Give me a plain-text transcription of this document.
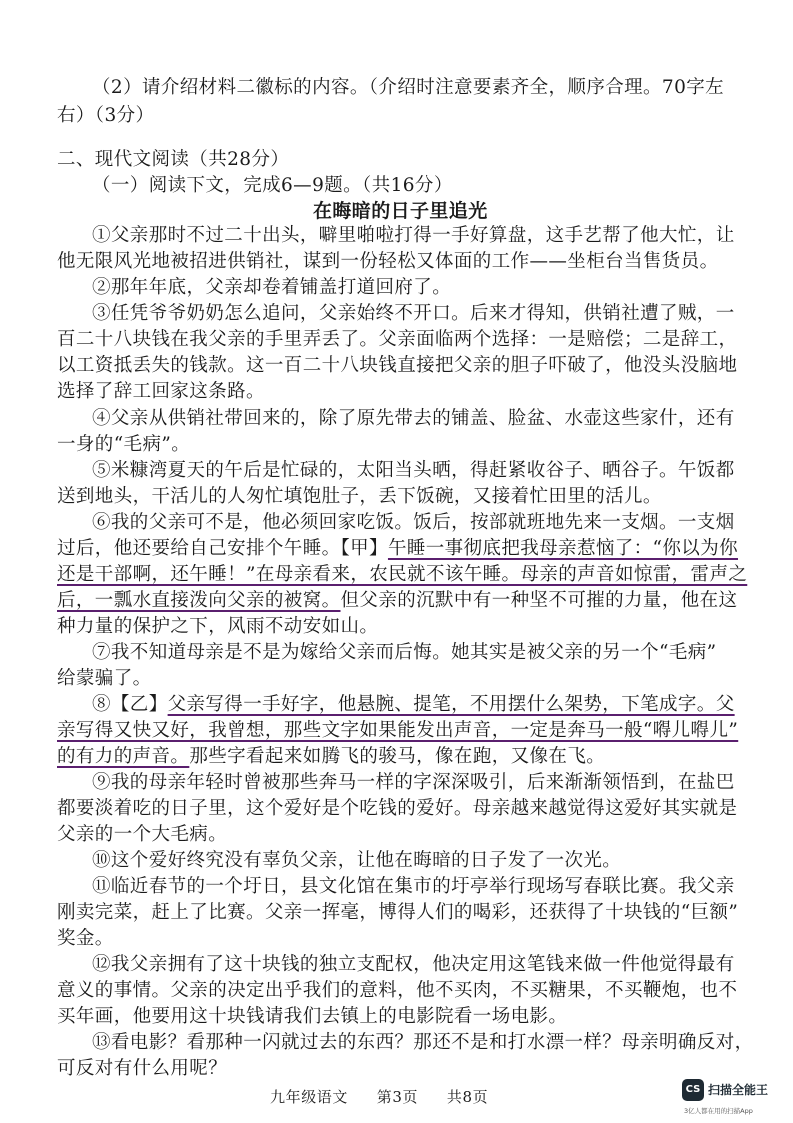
（2）请介绍材料二徽标的内容。（介绍时注意要素齐全，顺序合理。70字左
右）（3分）
二、现代文阅读（共28分）
（一）阅读下文，完成6—9题。（共16分）
在晦暗的日子里追光
①父亲那时不过二十出头，噼里啪啦打得一手好算盘，这手艺帮了他大忙，让
他无限风光地被招进供销社，谋到一份轻松又体面的工作——坐柜台当售货员。
②那年年底，父亲却卷着铺盖打道回府了。
③任凭爷爷奶奶怎么追问，父亲始终不开口。后来才得知，供销社遭了贼，一
百二十八块钱在我父亲的手里弄丢了。父亲面临两个选择：一是赔偿；二是辞工，
以工资抵丢失的钱款。这一百二十八块钱直接把父亲的胆子吓破了，他没头没脑地
选择了辞工回家这条路。
④父亲从供销社带回来的，除了原先带去的铺盖、脸盆、水壶这些家什，还有
一身的“毛病”。
⑤米糠湾夏天的午后是忙碌的，太阳当头晒，得赶紧收谷子、晒谷子。午饭都
送到地头，干活儿的人匆忙填饱肚子，丢下饭碗，又接着忙田里的活儿。
⑥我的父亲可不是，他必须回家吃饭。饭后，按部就班地先来一支烟。一支烟
过后，他还要给自己安排个午睡。【甲】午睡一事彻底把我母亲惹恼了：“你以为你
还是干部啊，还午睡！”在母亲看来，农民就不该午睡。母亲的声音如惊雷，雷声之
后，一瓢水直接泼向父亲的被窝。但父亲的沉默中有一种坚不可摧的力量，他在这
种力量的保护之下，风雨不动安如山。
⑦我不知道母亲是不是为嫁给父亲而后悔。她其实是被父亲的另一个“毛病”
给蒙骗了。
⑧【乙】父亲写得一手好字，他悬腕、提笔，不用摆什么架势，下笔成字。父
亲写得又快又好，我曾想，那些文字如果能发出声音，一定是奔马一般“嘚儿嘚儿”
的有力的声音。那些字看起来如腾飞的骏马，像在跑，又像在飞。
⑨我的母亲年轻时曾被那些奔马一样的字深深吸引，后来渐渐领悟到，在盐巴
都要淡着吃的日子里，这个爱好是个吃钱的爱好。母亲越来越觉得这爱好其实就是
父亲的一个大毛病。
⑩这个爱好终究没有辜负父亲，让他在晦暗的日子发了一次光。
⑪临近春节的一个圩日，县文化馆在集市的圩亭举行现场写春联比赛。我父亲
刚卖完菜，赶上了比赛。父亲一挥毫，博得人们的喝彩，还获得了十块钱的“巨额”
奖金。
⑫我父亲拥有了这十块钱的独立支配权，他决定用这笔钱来做一件他觉得最有
意义的事情。父亲的决定出乎我们的意料，他不买肉，不买糖果，不买鞭炮，也不
买年画，他要用这十块钱请我们去镇上的电影院看一场电影。
⑬看电影？看那种一闪就过去的东西？那还不是和打水漂一样？母亲明确反对，
可反对有什么用呢？
九年级语文 第3页 共8页	CS 扫描全能王
3亿人都在用的扫描App
